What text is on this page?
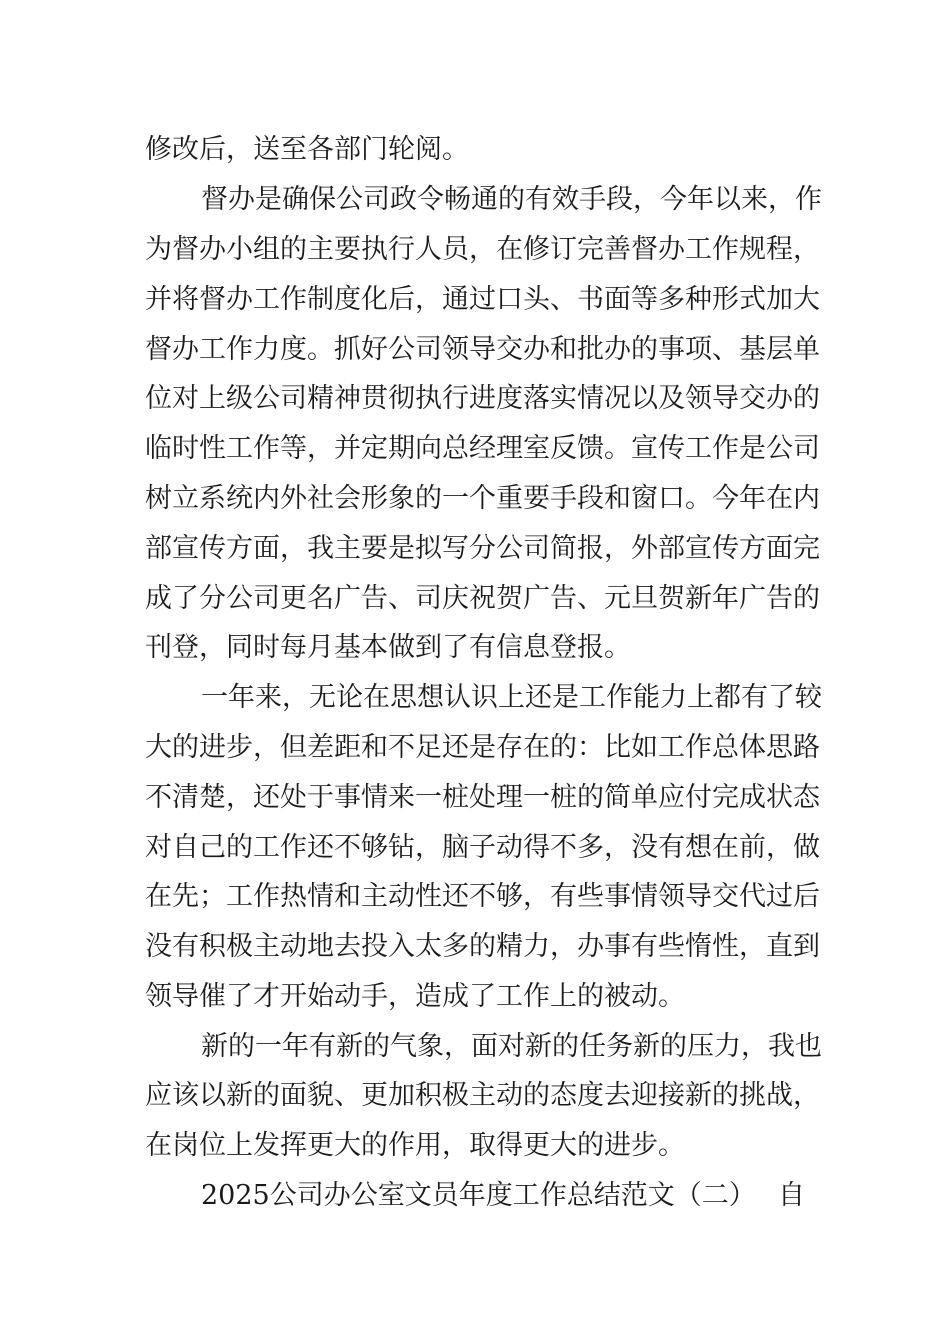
修改后，送至各部门轮阅。
督办是确保公司政令畅通的有效手段，今年以来，作
为督办小组的主要执行人员，在修订完善督办工作规程，
并将督办工作制度化后，通过口头、书面等多种形式加大
督办工作力度。抓好公司领导交办和批办的事项、基层单
位对上级公司精神贯彻执行进度落实情况以及领导交办的
临时性工作等，并定期向总经理室反馈。宣传工作是公司
树立系统内外社会形象的一个重要手段和窗口。今年在内
部宣传方面，我主要是拟写分公司简报，外部宣传方面完
成了分公司更名广告、司庆祝贺广告、元旦贺新年广告的
刊登，同时每月基本做到了有信息登报。
一年来，无论在思想认识上还是工作能力上都有了较
大的进步，但差距和不足还是存在的：比如工作总体思路
不清楚，还处于事情来一桩处理一桩的简单应付完成状态
对自己的工作还不够钻，脑子动得不多，没有想在前，做
在先；工作热情和主动性还不够，有些事情领导交代过后
没有积极主动地去投入太多的精力，办事有些惰性，直到
领导催了才开始动手，造成了工作上的被动。
新的一年有新的气象，面对新的任务新的压力，我也
应该以新的面貌、更加积极主动的态度去迎接新的挑战，
在岗位上发挥更大的作用，取得更大的进步。
2025公司办公室文员年度工作总结范文（二） 自
